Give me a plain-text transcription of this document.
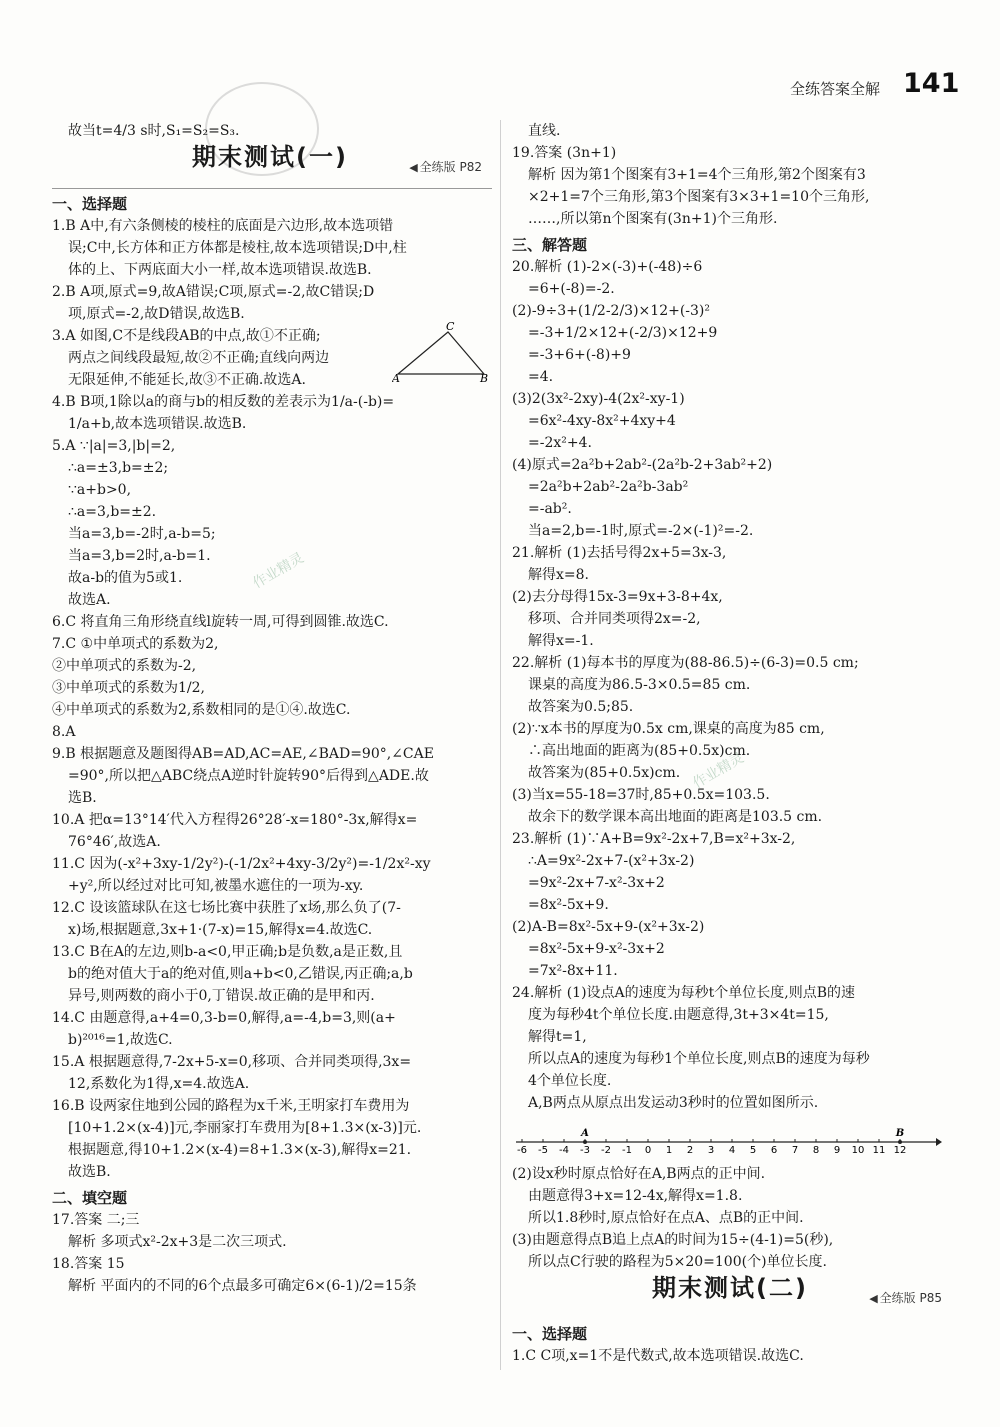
作业精灵
作业精灵
全练答案全解 141
故当t=4/3 s时,S₁=S₂=S₃.
期末测试(一)	◀ 全练版 P82
一、选择题
1.B A中,有六条侧棱的棱柱的底面是六边形,故本选项错
误;C中,长方体和正方体都是棱柱,故本选项错误;D中,柱
体的上、下两底面大小一样,故本选项错误.故选B.
2.B A项,原式=9,故A错误;C项,原式=-2,故C错误;D
项,原式=-2,故D错误,故选B.
3.A 如图,C不是线段AB的中点,故①不正确;
两点之间线段最短,故②不正确;直线向两边
无限延伸,不能延长,故③不正确.故选A.
4.B B项,1除以a的商与b的相反数的差表示为1/a-(-b)=
1/a+b,故本选项错误.故选B.
5.A ∵|a|=3,|b|=2,
∴a=±3,b=±2;
∵a+b>0,
∴a=3,b=±2.
当a=3,b=-2时,a-b=5;
当a=3,b=2时,a-b=1.
故a-b的值为5或1.
故选A.
6.C 将直角三角形绕直线l旋转一周,可得到圆锥.故选C.
7.C ①中单项式的系数为2,
②中单项式的系数为-2,
③中单项式的系数为1/2,
④中单项式的系数为2,系数相同的是①④.故选C.
8.A
9.B 根据题意及题图得AB=AD,AC=AE,∠BAD=90°,∠CAE
=90°,所以把△ABC绕点A逆时针旋转90°后得到△ADE.故
选B.
10.A 把α=13°14′代入方程得26°28′-x=180°-3x,解得x=
76°46′,故选A.
11.C 因为(-x²+3xy-1/2y²)-(-1/2x²+4xy-3/2y²)=-1/2x²-xy
+y²,所以经过对比可知,被墨水遮住的一项为-xy.
12.C 设该篮球队在这七场比赛中获胜了x场,那么负了(7-
x)场,根据题意,3x+1·(7-x)=15,解得x=4.故选C.
13.C B在A的左边,则b-a<0,甲正确;b是负数,a是正数,且
b的绝对值大于a的绝对值,则a+b<0,乙错误,丙正确;a,b
异号,则两数的商小于0,丁错误.故正确的是甲和丙.
14.C 由题意得,a+4=0,3-b=0,解得,a=-4,b=3,则(a+
b)²⁰¹⁶=1,故选C.
15.A 根据题意得,7-2x+5-x=0,移项、合并同类项得,3x=
12,系数化为1得,x=4.故选A.
16.B 设两家住地到公园的路程为x千米,王明家打车费用为
[10+1.2×(x-4)]元,李丽家打车费用为[8+1.3×(x-3)]元.
根据题意,得10+1.2×(x-4)=8+1.3×(x-3),解得x=21.
故选B.
二、填空题
17.答案 二;三
解析 多项式x²-2x+3是二次三项式.
18.答案 15
解析 平面内的不同的6个点最多可确定6×(6-1)/2=15条
A	B
C
直线.
19.答案 (3n+1)
解析 因为第1个图案有3+1=4个三角形,第2个图案有3
×2+1=7个三角形,第3个图案有3×3+1=10个三角形,
……,所以第n个图案有(3n+1)个三角形.
三、解答题
20.解析 (1)-2×(-3)+(-48)÷6
=6+(-8)=-2.
(2)-9÷3+(1/2-2/3)×12+(-3)²
=-3+1/2×12+(-2/3)×12+9
=-3+6+(-8)+9
=4.
(3)2(3x²-2xy)-4(2x²-xy-1)
=6x²-4xy-8x²+4xy+4
=-2x²+4.
(4)原式=2a²b+2ab²-(2a²b-2+3ab²+2)
=2a²b+2ab²-2a²b-3ab²
=-ab².
当a=2,b=-1时,原式=-2×(-1)²=-2.
21.解析 (1)去括号得2x+5=3x-3,
解得x=8.
(2)去分母得15x-3=9x+3-8+4x,
移项、合并同类项得2x=-2,
解得x=-1.
22.解析 (1)每本书的厚度为(88-86.5)÷(6-3)=0.5 cm;
课桌的高度为86.5-3×0.5=85 cm.
故答案为0.5;85.
(2)∵x本书的厚度为0.5x cm,课桌的高度为85 cm,
∴高出地面的距离为(85+0.5x)cm.
故答案为(85+0.5x)cm.
(3)当x=55-18=37时,85+0.5x=103.5.
故余下的数学课本高出地面的距离是103.5 cm.
23.解析 (1)∵A+B=9x²-2x+7,B=x²+3x-2,
∴A=9x²-2x+7-(x²+3x-2)
=9x²-2x+7-x²-3x+2
=8x²-5x+9.
(2)A-B=8x²-5x+9-(x²+3x-2)
=8x²-5x+9-x²-3x+2
=7x²-8x+11.
24.解析 (1)设点A的速度为每秒t个单位长度,则点B的速
度为每秒4t个单位长度.由题意得,3t+3×4t=15,
解得t=1,
所以点A的速度为每秒1个单位长度,则点B的速度为每秒
4个单位长度.
A,B两点从原点出发运动3秒时的位置如图所示.
-6 -5 -4 -3 -2 -1 0 1 2 3 4 5 6 7 8 9 10 11 12
A	B
(2)设x秒时原点恰好在A,B两点的正中间.
由题意得3+x=12-4x,解得x=1.8.
所以1.8秒时,原点恰好在点A、点B的正中间.
(3)由题意得点B追上点A的时间为15÷(4-1)=5(秒),
所以点C行驶的路程为5×20=100(个)单位长度.
期末测试(二)	◀ 全练版 P85
一、选择题
1.C C项,x=1不是代数式,故本选项错误.故选C.
